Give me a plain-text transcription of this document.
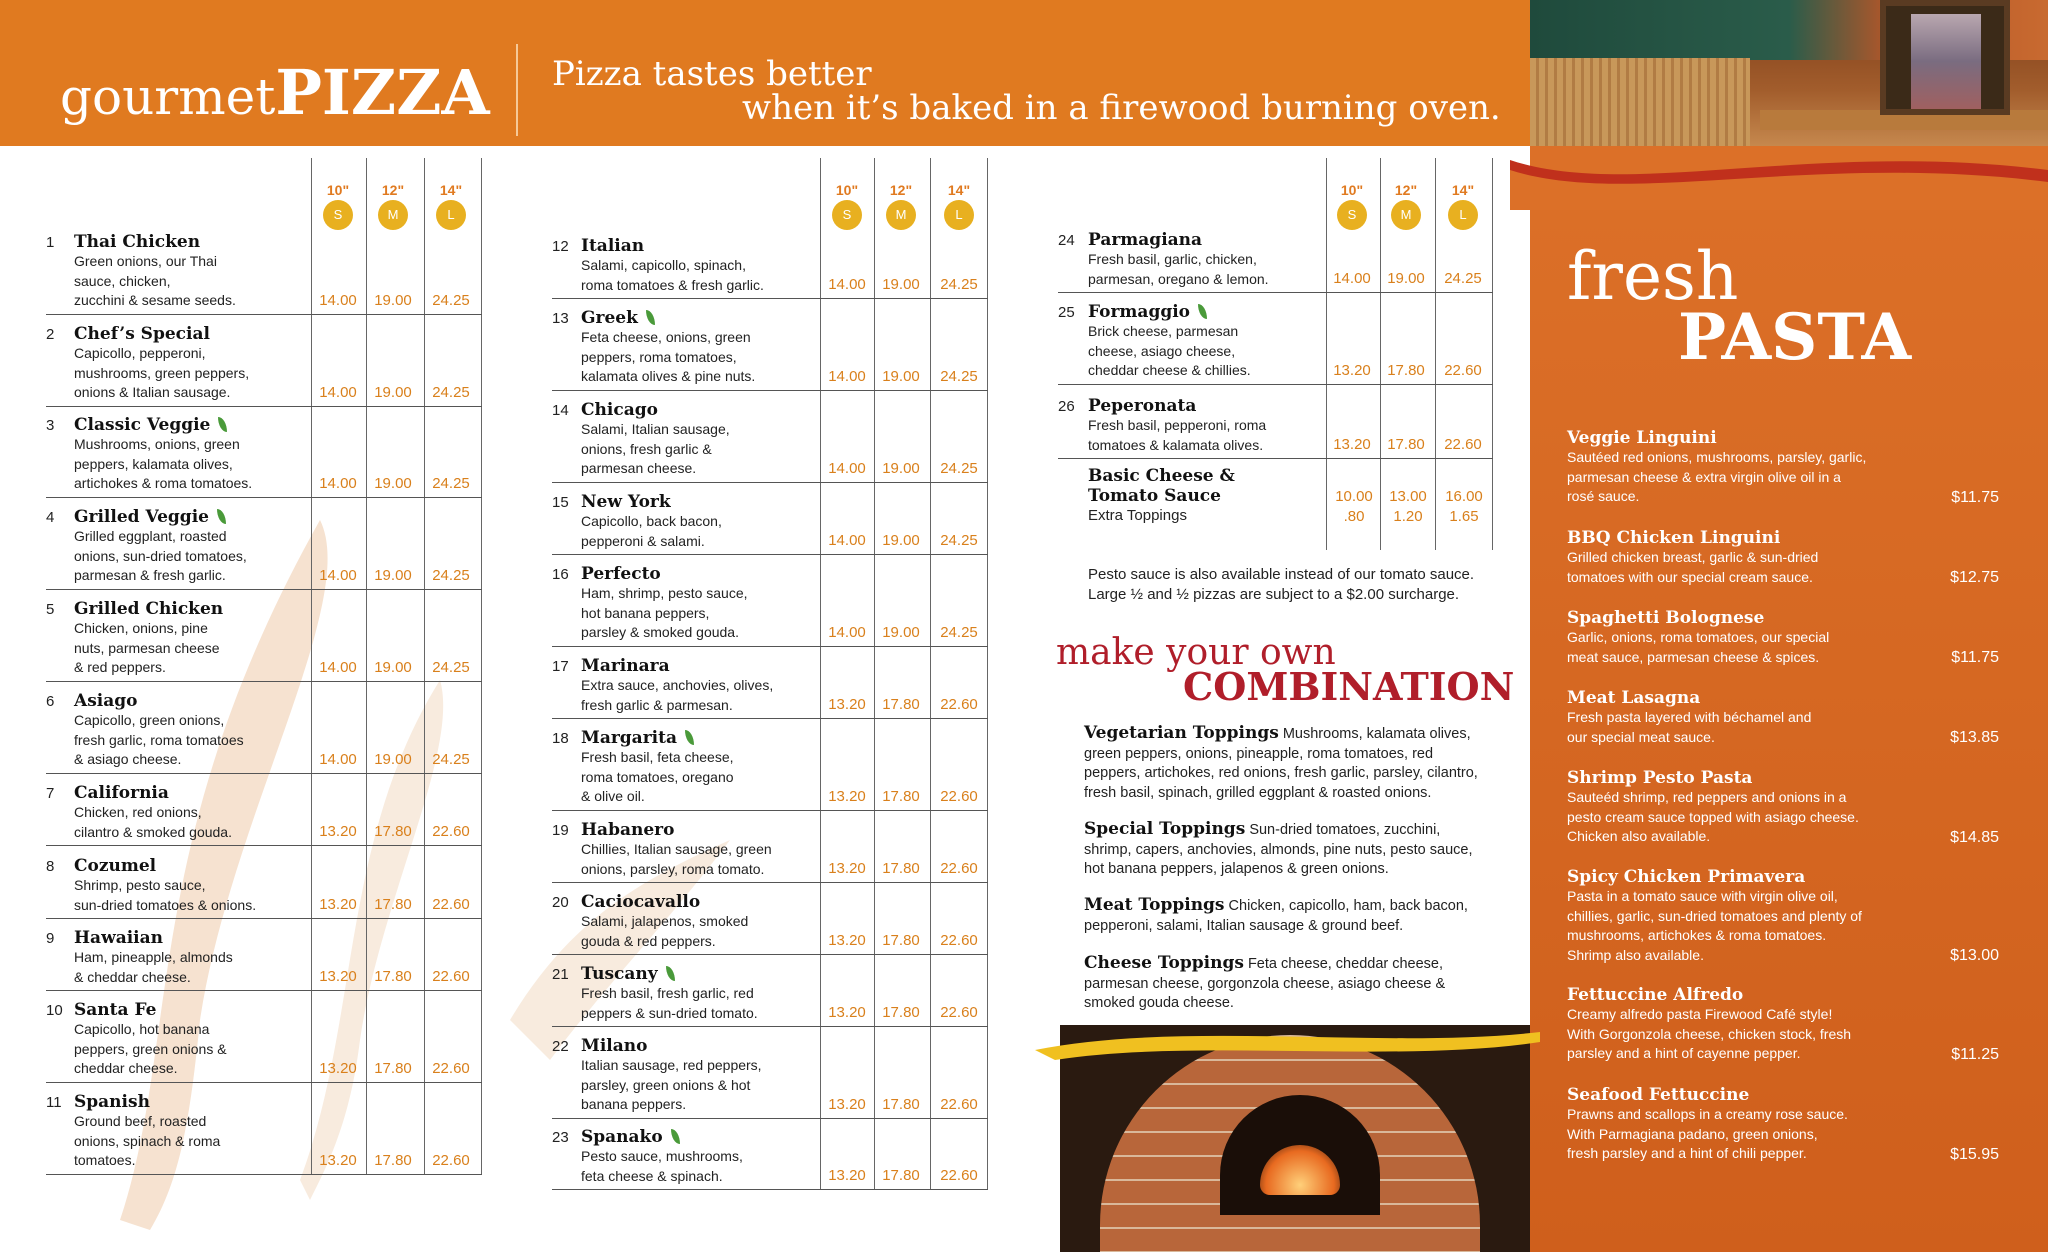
gourmetPIZZA Pizza tastes better
when it’s baked in a firewood burning oven.
10"
S
12"
M
14"
L
1 Thai Chicken
Green onions, our Thai
sauce, chicken,
zucchini & sesame seeds.	14.00	19.00	24.25
2 Chef’s Special
Capicollo, pepperoni,
mushrooms, green peppers,
onions & Italian sausage.	14.00	19.00	24.25
3 Classic Veggie
Mushrooms, onions, green
peppers, kalamata olives,
artichokes & roma tomatoes.	14.00	19.00	24.25
4 Grilled Veggie
Grilled eggplant, roasted
onions, sun-dried tomatoes,
parmesan & fresh garlic.	14.00	19.00	24.25
5 Grilled Chicken
Chicken, onions, pine
nuts, parmesan cheese
& red peppers.	14.00	19.00	24.25
6 Asiago
Capicollo, green onions,
fresh garlic, roma tomatoes
& asiago cheese.	14.00	19.00	24.25
7 California
Chicken, red onions,
cilantro & smoked gouda.	13.20	17.80	22.60
8 Cozumel
Shrimp, pesto sauce,
sun-dried tomatoes & onions.	13.20	17.80	22.60
9 Hawaiian
Ham, pineapple, almonds
& cheddar cheese.	13.20	17.80	22.60
10 Santa Fe
Capicollo, hot banana
peppers, green onions &
cheddar cheese.	13.20	17.80	22.60
11 Spanish
Ground beef, roasted
onions, spinach & roma
tomatoes.	13.20	17.80	22.60
10"
S
12"
M
14"
L
12 Italian
Salami, capicollo, spinach,
roma tomatoes & fresh garlic.	14.00	19.00	24.25
13 Greek
Feta cheese, onions, green
peppers, roma tomatoes,
kalamata olives & pine nuts.	14.00	19.00	24.25
14 Chicago
Salami, Italian sausage,
onions, fresh garlic &
parmesan cheese.	14.00	19.00	24.25
15 New York
Capicollo, back bacon,
pepperoni & salami.	14.00	19.00	24.25
16 Perfecto
Ham, shrimp, pesto sauce,
hot banana peppers,
parsley & smoked gouda.	14.00	19.00	24.25
17 Marinara
Extra sauce, anchovies, olives,
fresh garlic & parmesan.	13.20	17.80	22.60
18 Margarita
Fresh basil, feta cheese,
roma tomatoes, oregano
& olive oil.	13.20	17.80	22.60
19 Habanero
Chillies, Italian sausage, green
onions, parsley, roma tomato.	13.20	17.80	22.60
20 Caciocavallo
Salami, jalapenos, smoked
gouda & red peppers.	13.20	17.80	22.60
21 Tuscany
Fresh basil, fresh garlic, red
peppers & sun-dried tomato.	13.20	17.80	22.60
22 Milano
Italian sausage, red peppers,
parsley, green onions & hot
banana peppers.	13.20	17.80	22.60
23 Spanako
Pesto sauce, mushrooms,
feta cheese & spinach.	13.20	17.80	22.60
10"
S
12"
M
14"
L
24 Parmagiana
Fresh basil, garlic, chicken,
parmesan, oregano & lemon.	14.00	19.00	24.25
25 Formaggio
Brick cheese, parmesan
cheese, asiago cheese,
cheddar cheese & chillies.	13.20	17.80	22.60
26 Peperonata
Fresh basil, pepperoni, roma
tomatoes & kalamata olives.	13.20	17.80	22.60
Basic Cheese &
Tomato Sauce
Extra Toppings
10.00	13.00	16.00
.80	1.20	1.65
Pesto sauce is also available instead of our tomato sauce.
Large ½ and ½ pizzas are subject to a $2.00 surcharge.
make your own
COMBINATION
Vegetarian Toppings Mushrooms, kalamata olives,
green peppers, onions, pineapple, roma tomatoes, red
peppers, artichokes, red onions, fresh garlic, parsley, cilantro,
fresh basil, spinach, grilled eggplant & roasted onions.
Special Toppings Sun-dried tomatoes, zucchini,
shrimp, capers, anchovies, almonds, pine nuts, pesto sauce,
hot banana peppers, jalapenos & green onions.
Meat Toppings Chicken, capicollo, ham, back bacon,
pepperoni, salami, Italian sausage & ground beef.
Cheese Toppings Feta cheese, cheddar cheese,
parmesan cheese, gorgonzola cheese, asiago cheese &
smoked gouda cheese.
fresh
PASTA
Veggie Linguini
Sautéed red onions, mushrooms, parsley, garlic,
parmesan cheese & extra virgin olive oil in a
rosé sauce.	$11.75
BBQ Chicken Linguini
Grilled chicken breast, garlic & sun-dried
tomatoes with our special cream sauce.	$12.75
Spaghetti Bolognese
Garlic, onions, roma tomatoes, our special
meat sauce, parmesan cheese & spices.	$11.75
Meat Lasagna
Fresh pasta layered with béchamel and
our special meat sauce.	$13.85
Shrimp Pesto Pasta
Sauteéd shrimp, red peppers and onions in a
pesto cream sauce topped with asiago cheese.
Chicken also available.	$14.85
Spicy Chicken Primavera
Pasta in a tomato sauce with virgin olive oil,
chillies, garlic, sun-dried tomatoes and plenty of
mushrooms, artichokes & roma tomatoes.
Shrimp also available.	$13.00
Fettuccine Alfredo
Creamy alfredo pasta Firewood Café style!
With Gorgonzola cheese, chicken stock, fresh
parsley and a hint of cayenne pepper.	$11.25
Seafood Fettuccine
Prawns and scallops in a creamy rose sauce.
With Parmagiana padano, green onions,
fresh parsley and a hint of chili pepper.	$15.95
